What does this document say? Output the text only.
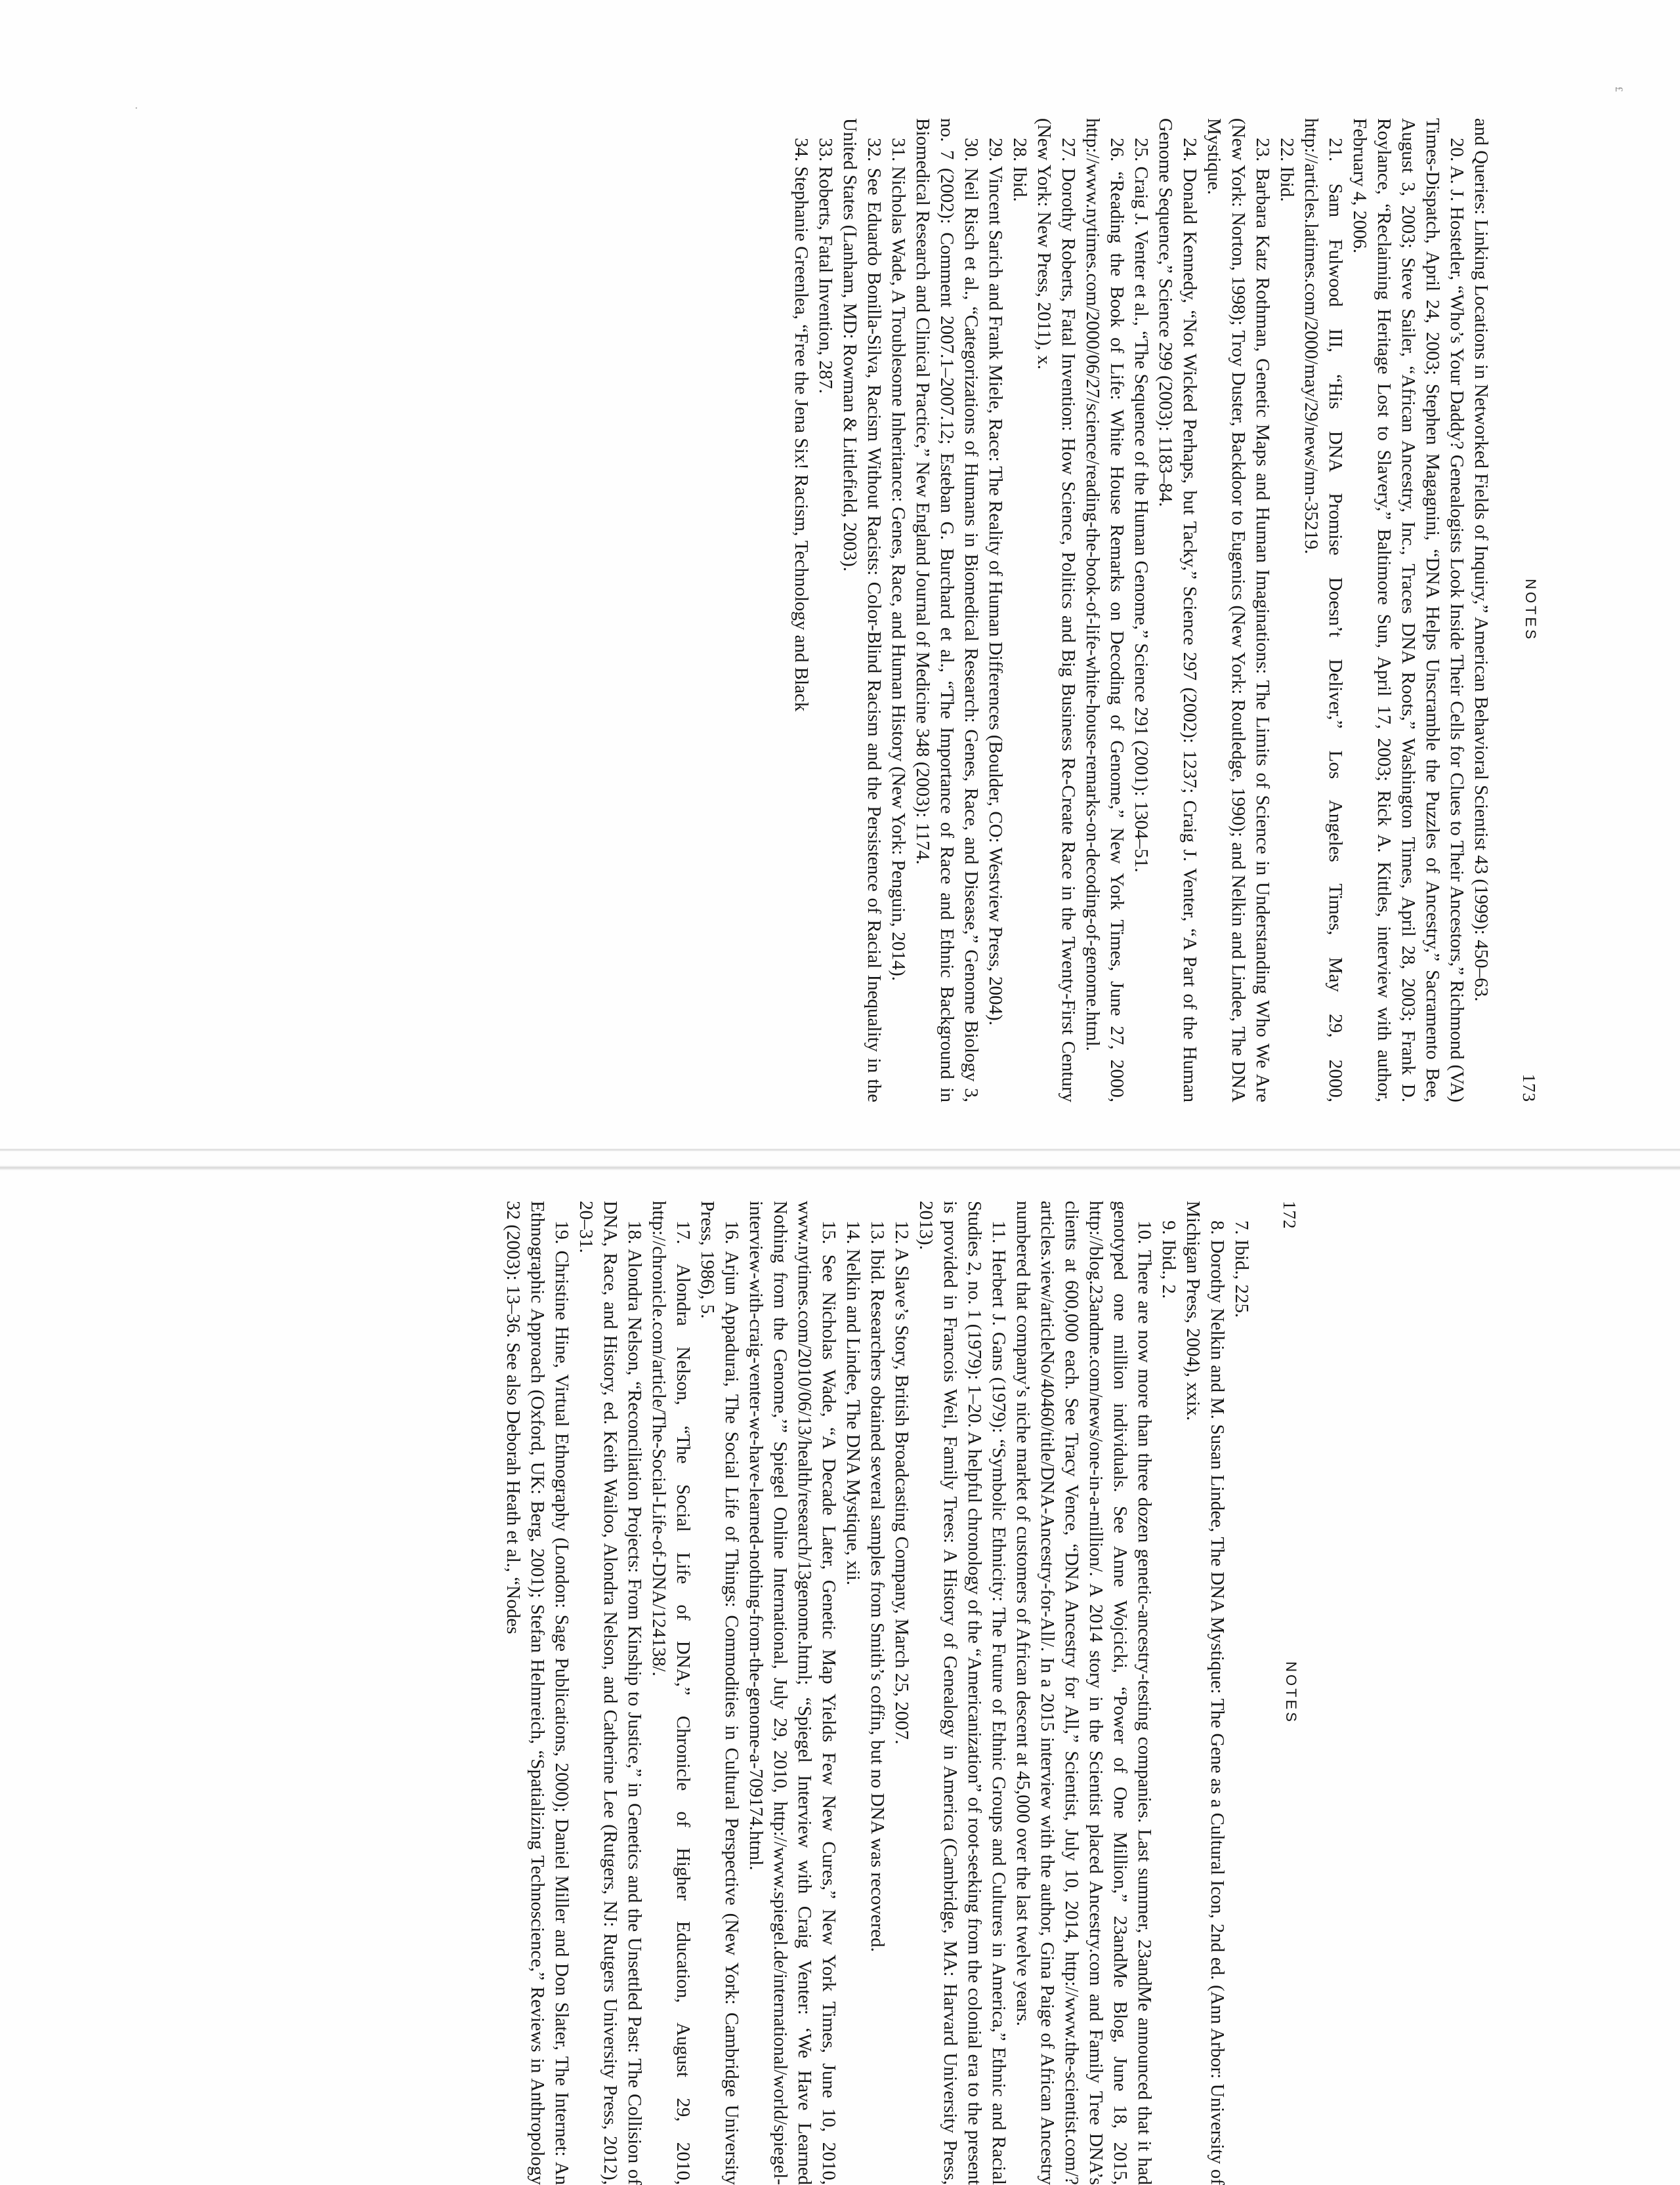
·
£
172
NOTES

7. Ibid., 225.

8. Dorothy Nelkin and M. Susan Lindee, The DNA Mystique: The Gene as a Cultural Icon, 2nd ed. (Ann Arbor: University of Michigan Press, 2004), xxix.

9. Ibid., 2.

10. There are now more than three dozen genetic-ancestry-testing companies. Last summer, 23andMe announced that it had genotyped one million individuals. See Anne Wojcicki, “Power of One Million,” 23andMe Blog, June 18, 2015, http://blog.23andme.com/news/one-in-a-million/. A 2014 story in the Scientist placed Ancestry.com and Family Tree DNA’s clients at 600,000 each. See Tracy Vence, “DNA Ancestry for All,” Scientist, July 10, 2014, http://www.the-scientist.com/?articles.view/articleNo/40460/title/DNA-Ancestry-for-All/. In a 2015 interview with the author, Gina Paige of African Ancestry numbered that company’s niche market of customers of African descent at 45,000 over the last twelve years.

11. Herbert J. Gans (1979): “Symbolic Ethnicity: The Future of Ethnic Groups and Cultures in America,” Ethnic and Racial Studies 2, no. 1 (1979): 1–20. A helpful chronology of the “Americanization” of root-seeking from the colonial era to the present is provided in Francois Weil, Family Trees: A History of Genealogy in America (Cambridge, MA: Harvard University Press, 2013).

12. A Slave’s Story, British Broadcasting Company, March 25, 2007.

13. Ibid. Researchers obtained several samples from Smith’s coffin, but no DNA was recovered.

14. Nelkin and Lindee, The DNA Mystique, xii.

15. See Nicholas Wade, “A Decade Later, Genetic Map Yields Few New Cures,” New York Times, June 10, 2010, www.nytimes.com/2010/06/13/health/research/13genome.html; “Spiegel Interview with Craig Venter: ‘We Have Learned Nothing from the Genome,’” Spiegel Online International, July 29, 2010, http://www.spiegel.de/international/world/spiegel-interview-with-craig-venter-we-have-learned-nothing-from-the-genome-a-709174.html.

16. Arjun Appadurai, The Social Life of Things: Commodities in Cultural Perspective (New York: Cambridge University Press, 1986), 5.

17. Alondra Nelson, “The Social Life of DNA,” Chronicle of Higher Education, August 29, 2010, http://chronicle.com/article/The-Social-Life-of-DNA/124138/.

18. Alondra Nelson, “Reconciliation Projects: From Kinship to Justice,” in Genetics and the Unsettled Past: The Collision of DNA, Race, and History, ed. Keith Wailoo, Alondra Nelson, and Catherine Lee (Rutgers, NJ: Rutgers University Press, 2012), 20–31.

19. Christine Hine, Virtual Ethnography (London: Sage Publications, 2000); Daniel Miller and Don Slater, The Internet: An Ethnographic Approach (Oxford, UK: Berg, 2001); Stefan Helmreich, “Spatializing Technoscience,” Reviews in Anthropology 32 (2003): 13–36. See also Deborah Heath et al., “Nodes

NOTES
173

and Queries: Linking Locations in Networked Fields of Inquiry,” American Behavioral Scientist 43 (1999): 450–63.

20. A. J. Hostetler, “Who’s Your Daddy? Genealogists Look Inside Their Cells for Clues to Their Ancestors,” Richmond (VA) Times-Dispatch, April 24, 2003; Stephen Magagnini, “DNA Helps Unscramble the Puzzles of Ancestry,” Sacramento Bee, August 3, 2003; Steve Sailer, “African Ancestry, Inc., Traces DNA Roots,” Washington Times, April 28, 2003; Frank D. Roylance, “Reclaiming Heritage Lost to Slavery,” Baltimore Sun, April 17, 2003; Rick A. Kittles, interview with author, February 4, 2006.

21. Sam Fulwood III, “His DNA Promise Doesn’t Deliver,” Los Angeles Times, May 29, 2000, http://articles.latimes.com/2000/may/29/news/mn-35219.

22. Ibid.

23. Barbara Katz Rothman, Genetic Maps and Human Imaginations: The Limits of Science in Understanding Who We Are (New York: Norton, 1998); Troy Duster, Backdoor to Eugenics (New York: Routledge, 1990); and Nelkin and Lindee, The DNA Mystique.

24. Donald Kennedy, “Not Wicked Perhaps, but Tacky,” Science 297 (2002): 1237; Craig J. Venter, “A Part of the Human Genome Sequence,” Science 299 (2003): 1183–84.

25. Craig J. Venter et al., “The Sequence of the Human Genome,” Science 291 (2001): 1304–51.

26. “Reading the Book of Life: White House Remarks on Decoding of Genome,” New York Times, June 27, 2000, http://www.nytimes.com/2000/06/27/science/reading-the-book-of-life-white-house-remarks-on-decoding-of-genome.html.

27. Dorothy Roberts, Fatal Invention: How Science, Politics and Big Business Re-Create Race in the Twenty-First Century (New York: New Press, 2011), x.

28. Ibid.

29. Vincent Sarich and Frank Miele, Race: The Reality of Human Differences (Boulder, CO: Westview Press, 2004).

30. Neil Risch et al., “Categorizations of Humans in Biomedical Research: Genes, Race, and Disease,” Genome Biology 3, no. 7 (2002): Comment 2007.1–2007.12; Esteban G. Burchard et al., “The Importance of Race and Ethnic Background in Biomedical Research and Clinical Practice,” New England Journal of Medicine 348 (2003): 1174.

31. Nicholas Wade, A Troublesome Inheritance: Genes, Race, and Human History (New York: Penguin, 2014).

32. See Eduardo Bonilla-Silva, Racism Without Racists: Color-Blind Racism and the Persistence of Racial Inequality in the United States (Lanham, MD: Rowman & Littlefield, 2003).

33. Roberts, Fatal Invention, 287.

34. Stephanie Greenlea, “Free the Jena Six! Racism, Technology and Black
